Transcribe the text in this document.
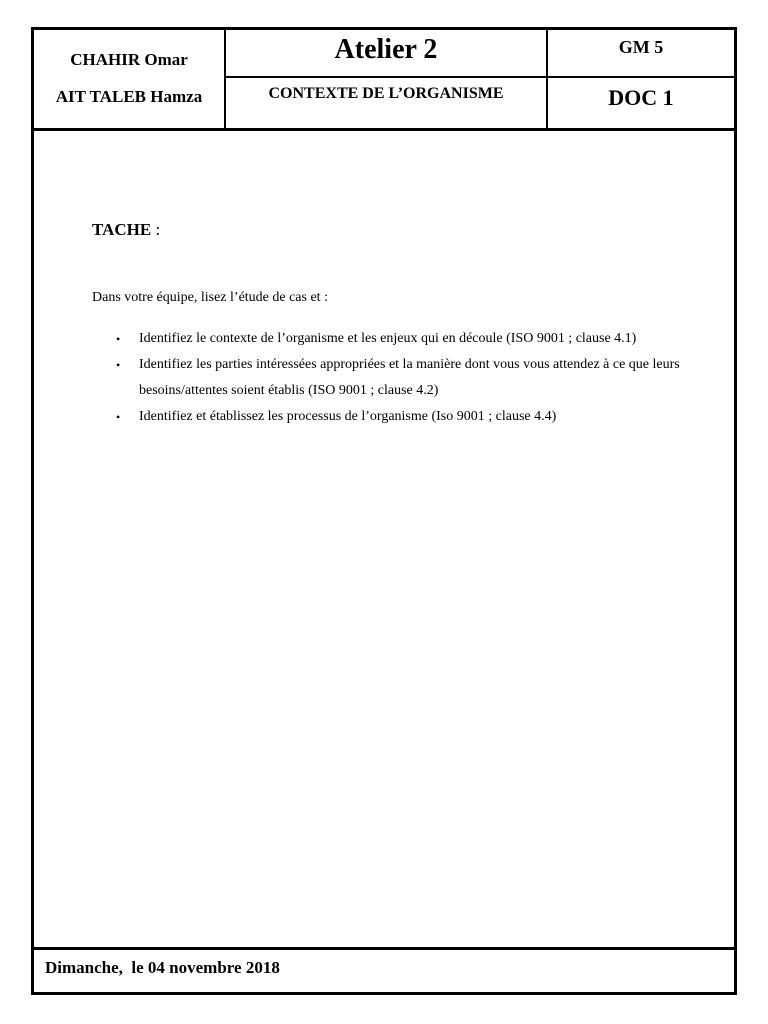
CHAHIR Omar
AIT TALEB Hamza
Atelier 2
CONTEXTE DE L’ORGANISME
GM 5
DOC 1
TACHE :
Dans votre équipe, lisez l’étude de cas et :
• Identifiez le contexte de l’organisme et les enjeux qui en découle (ISO 9001 ; clause 4.1)
• Identifiez les parties intéressées appropriées et la manière dont vous vous attendez à ce que leurs besoins/attentes soient établis (ISO 9001 ; clause 4.2)
• Identifiez et établissez les processus de l’organisme (Iso 9001 ; clause 4.4)
Dimanche,  le 04 novembre 2018
